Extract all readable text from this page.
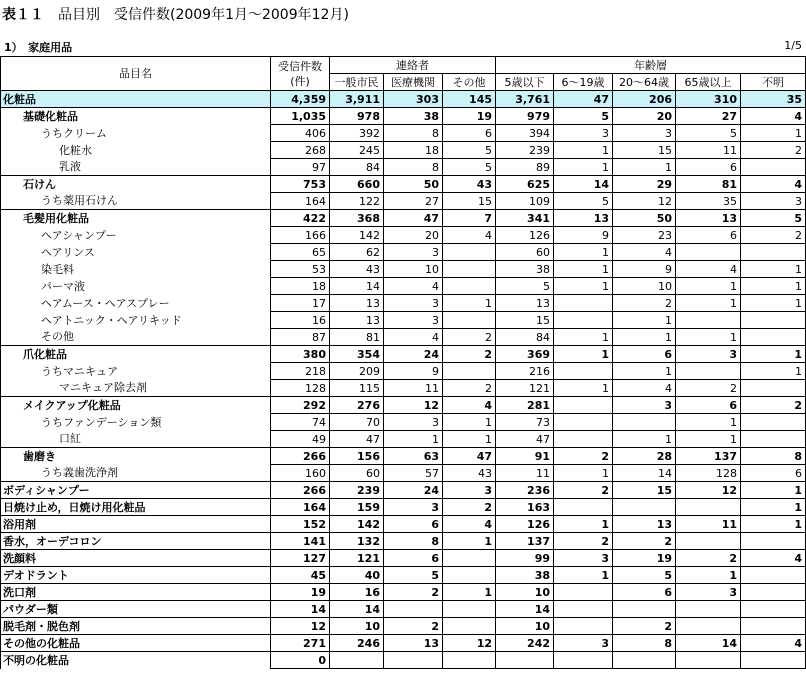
表１１　品目別　受信件数(2009年1月～2009年12月)
1）　家庭用品	1/5
品目名	受信件数
(件)	連絡者			年齢層				
		一般市民	医療機関	その他	5歳以下	6～19歳	20～64歳	65歳以上	不明
化粧品	4,359	3,911	303	145	3,761	47	206	310	35
基礎化粧品	1,035	978	38	19	979	5	20	27	4
うちクリーム	406	392	8	6	394	3	3	5	1
化粧水	268	245	18	5	239	1	15	11	2
乳液	97	84	8	5	89	1	1	6	
石けん	753	660	50	43	625	14	29	81	4
うち薬用石けん	164	122	27	15	109	5	12	35	3
毛髪用化粧品	422	368	47	7	341	13	50	13	5
ヘアシャンプー	166	142	20	4	126	9	23	6	2
ヘアリンス	65	62	3		60	1	4		
染毛料	53	43	10		38	1	9	4	1
パーマ液	18	14	4		5	1	10	1	1
ヘアムース・ヘアスプレー	17	13	3	1	13		2	1	1
ヘアトニック・ヘアリキッド	16	13	3		15		1		
その他	87	81	4	2	84	1	1	1	
爪化粧品	380	354	24	2	369	1	6	3	1
うちマニキュア	218	209	9		216		1		1
マニキュア除去剤	128	115	11	2	121	1	4	2	
メイクアップ化粧品	292	276	12	4	281		3	6	2
うちファンデーション類	74	70	3	1	73			1	
口紅	49	47	1	1	47		1	1	
歯磨き	266	156	63	47	91	2	28	137	8
うち義歯洗浄剤	160	60	57	43	11	1	14	128	6
ボディシャンプー	266	239	24	3	236	2	15	12	1
日焼け止め，日焼け用化粧品	164	159	3	2	163				1
浴用剤	152	142	6	4	126	1	13	11	1
香水，オーデコロン	141	132	8	1	137	2	2		
洗顔料	127	121	6		99	3	19	2	4
デオドラント	45	40	5		38	1	5	1	
洗口剤	19	16	2	1	10		6	3	
パウダー類	14	14			14				
脱毛剤・脱色剤	12	10	2		10		2		
その他の化粧品	271	246	13	12	242	3	8	14	4
不明の化粧品	0								
